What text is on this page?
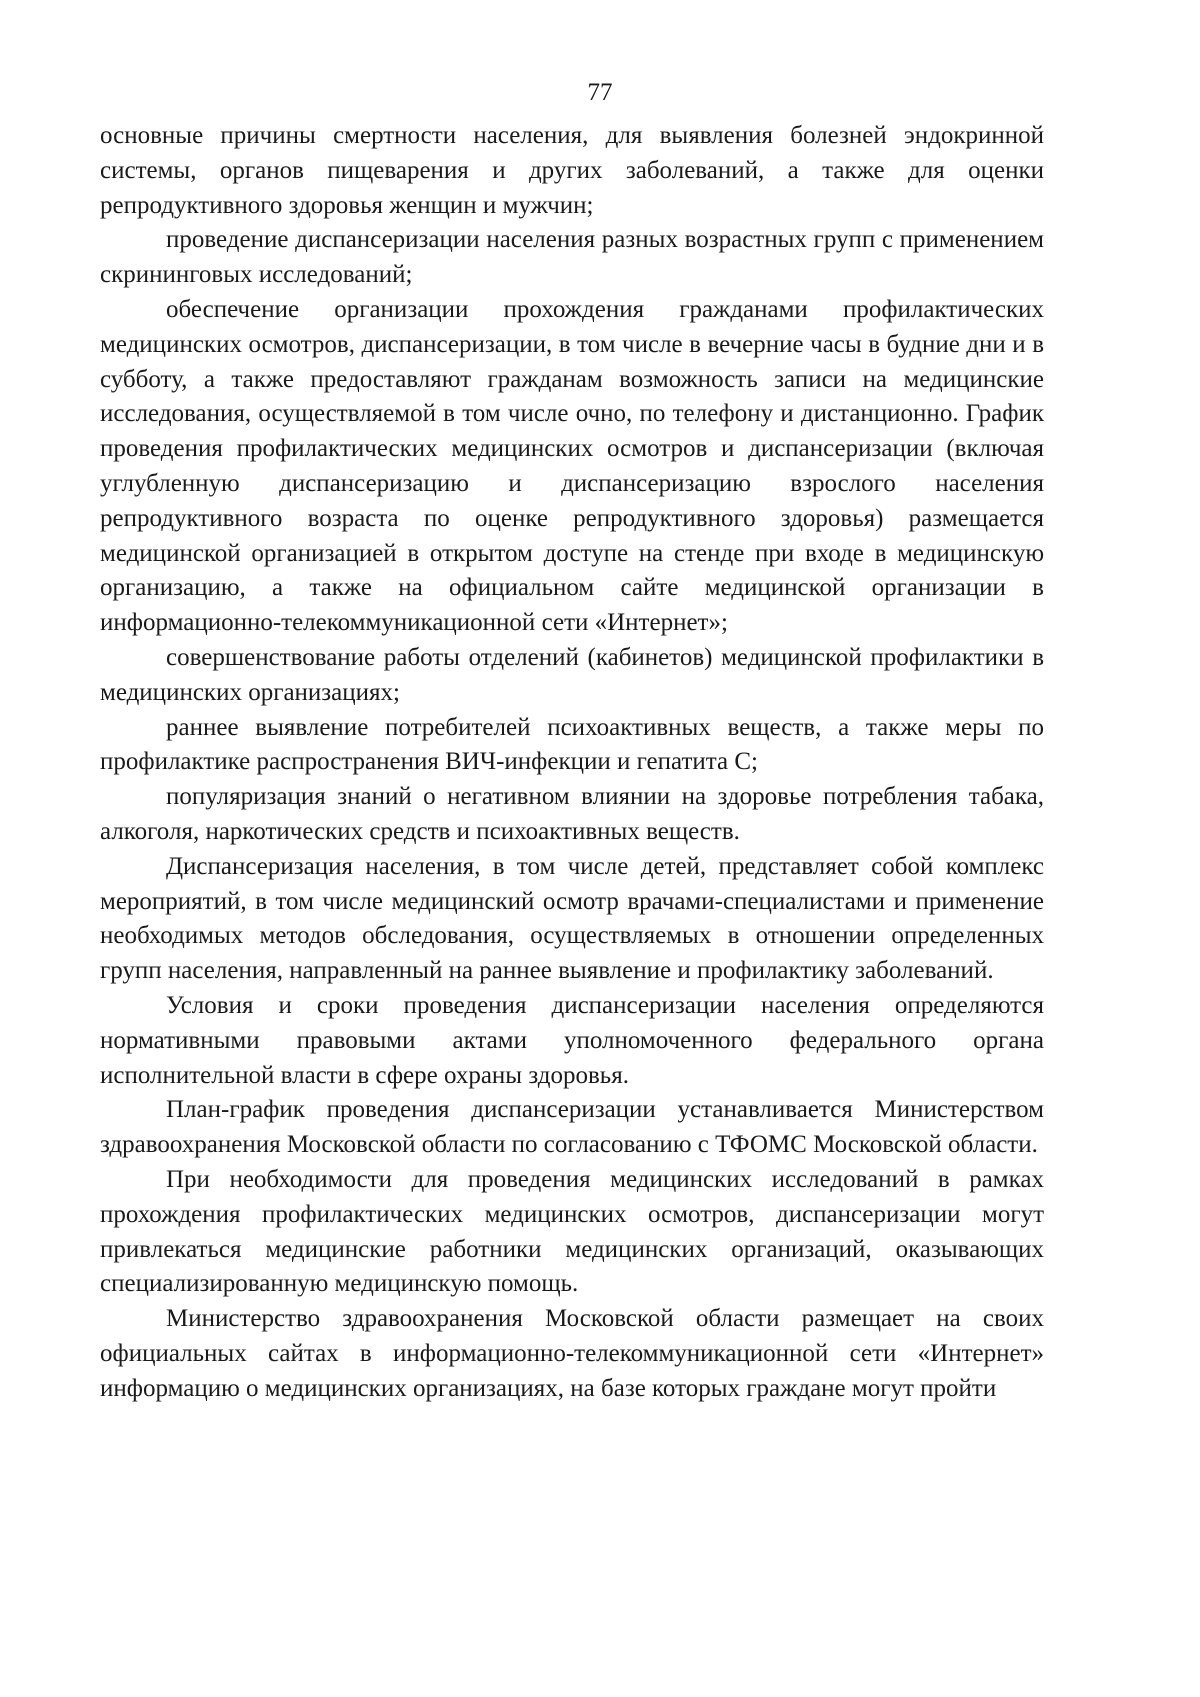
77

основные причины смертности населения, для выявления болезней эндокринной системы, органов пищеварения и других заболеваний, а также для оценки репродуктивного здоровья женщин и мужчин;

проведение диспансеризации населения разных возрастных групп с применением скрининговых исследований;

обеспечение организации прохождения гражданами профилактических медицинских осмотров, диспансеризации, в том числе в вечерние часы в будние дни и в субботу, а также предоставляют гражданам возможность записи на медицинские исследования, осуществляемой в том числе очно, по телефону и дистанционно. График проведения профилактических медицинских осмотров и диспансеризации (включая углубленную диспансеризацию и диспансеризацию взрослого населения репродуктивного возраста по оценке репродуктивного здоровья) размещается медицинской организацией в открытом доступе на стенде при входе в медицинскую организацию, а также на официальном сайте медицинской организации в информационно-телекоммуникационной сети «Интернет»;

совершенствование работы отделений (кабинетов) медицинской профилактики в медицинских организациях;

раннее выявление потребителей психоактивных веществ, а также меры по профилактике распространения ВИЧ-инфекции и гепатита С;

популяризация знаний о негативном влиянии на здоровье потребления табака, алкоголя, наркотических средств и психоактивных веществ.

Диспансеризация населения, в том числе детей, представляет собой комплекс мероприятий, в том числе медицинский осмотр врачами-специалистами и применение необходимых методов обследования, осуществляемых в отношении определенных групп населения, направленный на раннее выявление и профилактику заболеваний.

Условия и сроки проведения диспансеризации населения определяются нормативными правовыми актами уполномоченного федерального органа исполнительной власти в сфере охраны здоровья.

План-график проведения диспансеризации устанавливается Министерством здравоохранения Московской области по согласованию с ТФОМС Московской области.

При необходимости для проведения медицинских исследований в рамках прохождения профилактических медицинских осмотров, диспансеризации могут привлекаться медицинские работники медицинских организаций, оказывающих специализированную медицинскую помощь.

Министерство здравоохранения Московской области размещает на своих официальных сайтах в информационно-телекоммуникационной сети «Интернет» информацию о медицинских организациях, на базе которых граждане могут пройти
